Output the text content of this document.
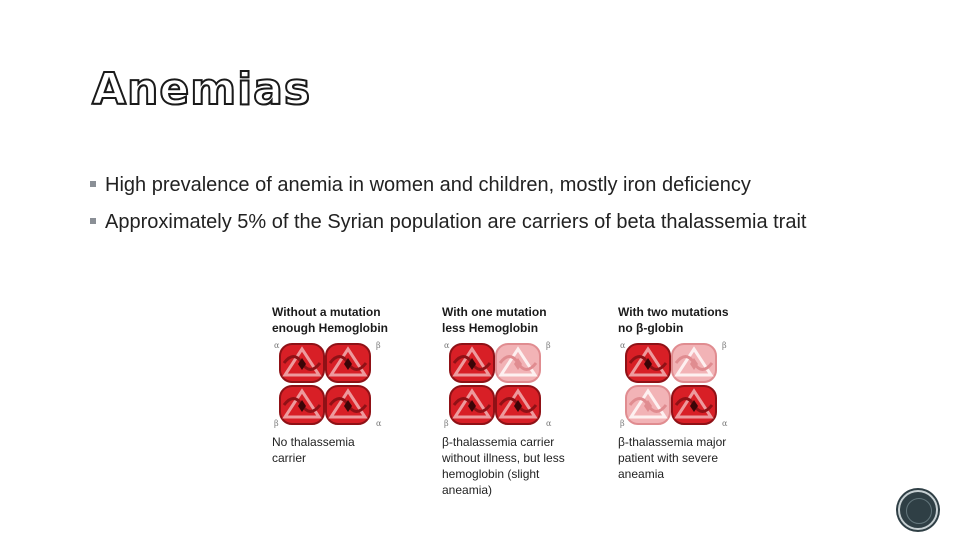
Anemias
High prevalence of anemia in women and children, mostly iron deficiency
Approximately 5% of the Syrian population are carriers of beta thalassemia trait
Without a mutation
enough Hemoglobin
α	β
β	α
No thalassemia
carrier
With one mutation
less Hemoglobin
α	β
β	α
β-thalassemia carrier
without illness, but less
hemoglobin (slight
aneamia)
With two mutations
no β-globin
α	β
β	α
β-thalassemia major
patient with severe
aneamia
